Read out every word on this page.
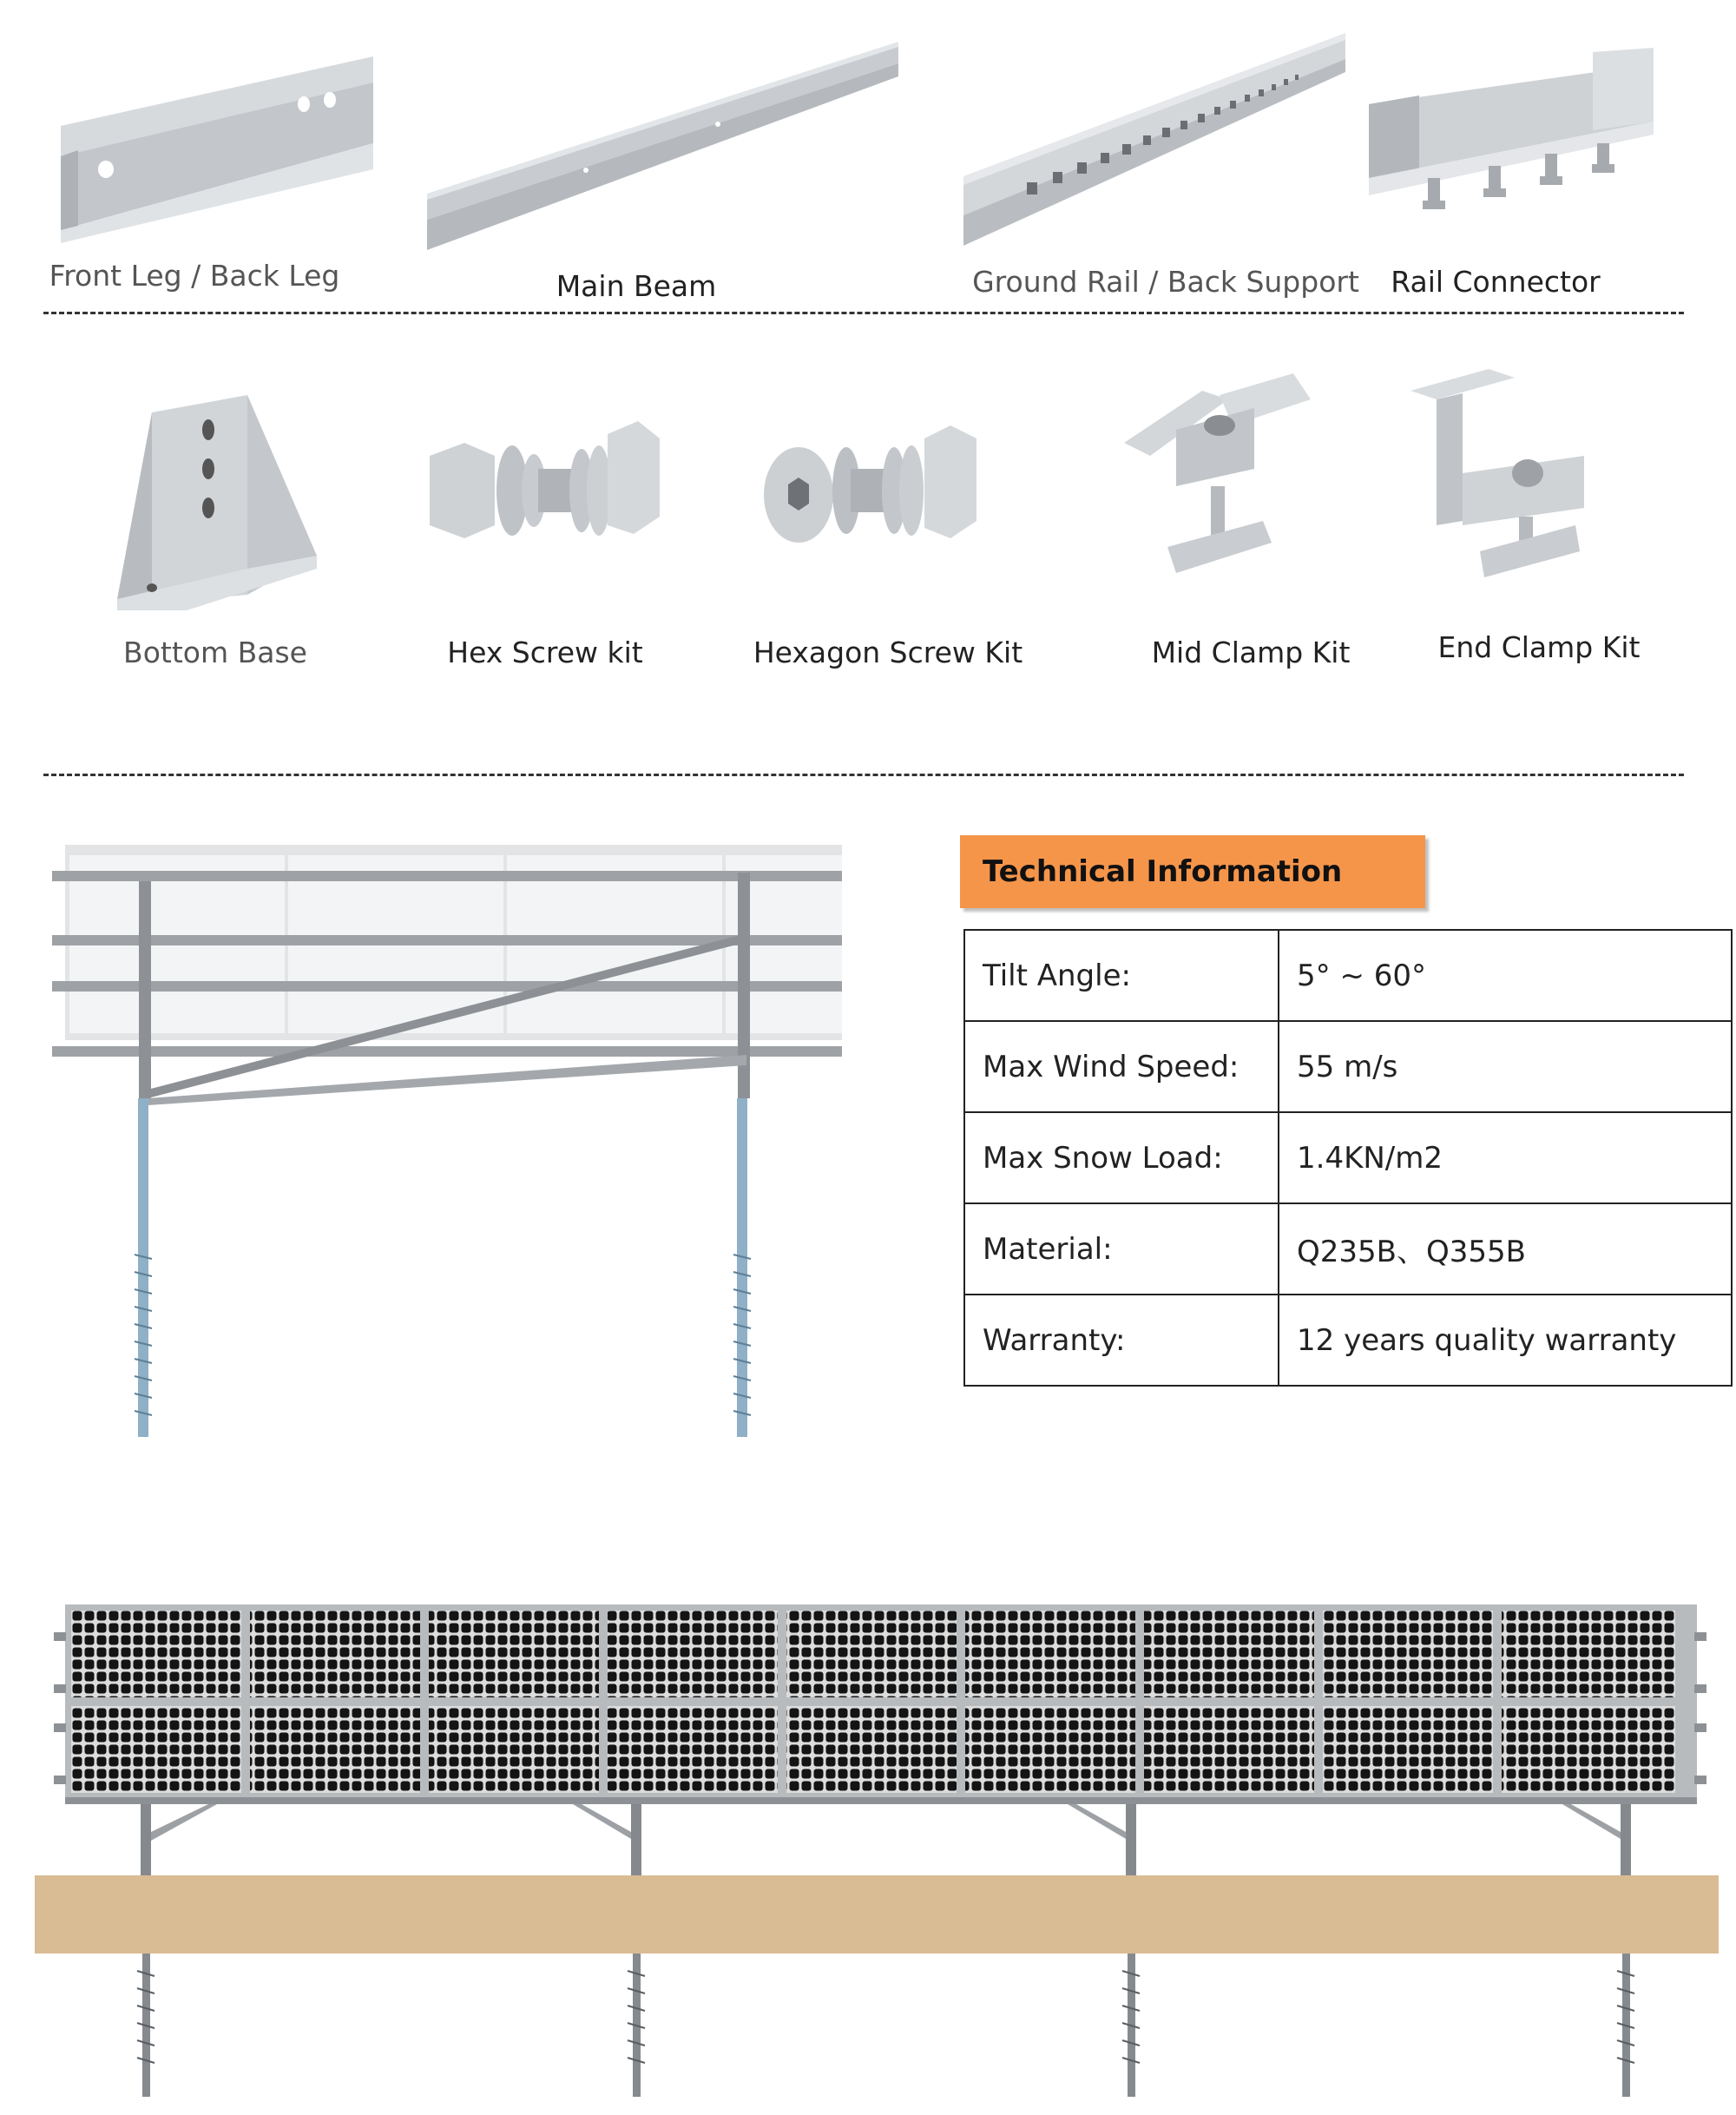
Front Leg / Back Leg	Main Beam	Ground Rail / Back Support Rail Connector
Bottom Base	Hex Screw kit	Hexagon Screw Kit	Mid Clamp Kit	End Clamp Kit
Technical Information
Tilt Angle:	5° ~ 60°
Max Wind Speed:	55 m/s
Max Snow Load:	1.4KN/m2
Material:	Q235B、Q355B
Warranty:	12 years quality warranty
